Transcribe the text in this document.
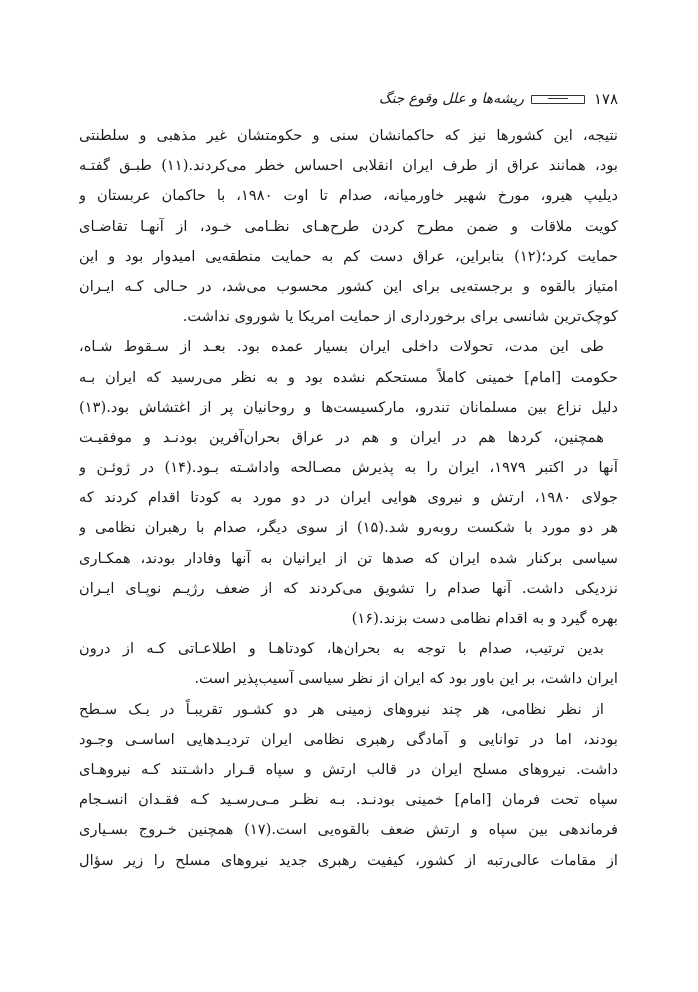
۱۷۸
ریشه‌ها و علل وقوع جنگ
نتیجه، این کشورها نیز که حاکمانشان سنی و حکومتشان غیر مذهبی و سلطنتی
بود، همانند عراق از طرف ایران انقلابی احساس خطر می‌کردند.(۱۱) طبـق گفتـه
دیلیپ هیرو، مورخ شهیر خاورمیانه، صدام تا اوت ۱۹۸۰، با حاکمان عربستان و
کویت ملاقات و ضمن مطرح کردن طرح‌هـای نظـامی خـود، از آنهـا تقاضـای
حمایت کرد؛(۱۲) بنابراین، عراق دست کم به حمایت منطقه‌یی امیدوار بود و این
امتیاز بالقوه و برجسته‌یی برای این کشور محسوب می‌شد، در حـالی کـه ایـران
کوچک‌ترین شانسی برای برخورداری از حمایت امریکا یا شوروی نداشت.
طی این مدت، تحولات داخلی ایران بسیار عمده بود. بعـد از سـقوط شـاه،
حکومت [امام] خمینی کاملاً مستحکم نشده بود و به نظر می‌رسید که ایران بـه
دلیل نزاع بین مسلمانان تندرو، مارکسیست‌ها و روحانیان پر از اغتشاش بود.(۱۳)
همچنین، کردها هم در ایران و هم در عراق بحران‌آفرین بودنـد و موفقیـت
آنها در اکتبر ۱۹۷۹، ایران را به پذیرش مصـالحه واداشـته بـود.(۱۴) در ژوئـن و
جولای ۱۹۸۰، ارتش و نیروی هوایی ایران در دو مورد به کودتا اقدام کردند که
هر دو مورد با شکست روبه‌رو شد.(۱۵) از سوی دیگر، صدام با رهبران نظامی و
سیاسی برکنار شده ایران که صدها تن از ایرانیان به آنها وفادار بودند، همکـاری
نزدیکی داشت. آنها صدام را تشویق می‌کردند که از ضعف رژیـم نوپـای ایـران
بهره گیرد و به اقدام نظامی دست بزند.(۱۶)
بدین ترتیب، صدام با توجه به بحران‌ها، کودتاهـا و اطلاعـاتی کـه از درون
ایران داشت، بر این باور بود که ایران از نظر سیاسی آسیب‌پذیر است.
از نظر نظامی، هر چند نیروهای زمینی هر دو کشـور تقریبـاً در یـک سـطح
بودند، اما در توانایی و آمادگی رهبری نظامی ایران تردیـدهایی اساسـی وجـود
داشت. نیروهای مسلح ایران در قالب ارتش و سپاه قـرار داشـتند کـه نیروهـای
سپاه تحت فرمان [امام] خمینی بودنـد. بـه نظـر مـی‌رسـید کـه فقـدان انسـجام
فرماندهی بین سپاه و ارتش ضعف بالقوه‌یی است.(۱۷) همچنین خـروج بسـیاری
از مقامات عالی‌رتبه از کشور، کیفیت رهبری جدید نیروهای مسلح را زیر سؤال
